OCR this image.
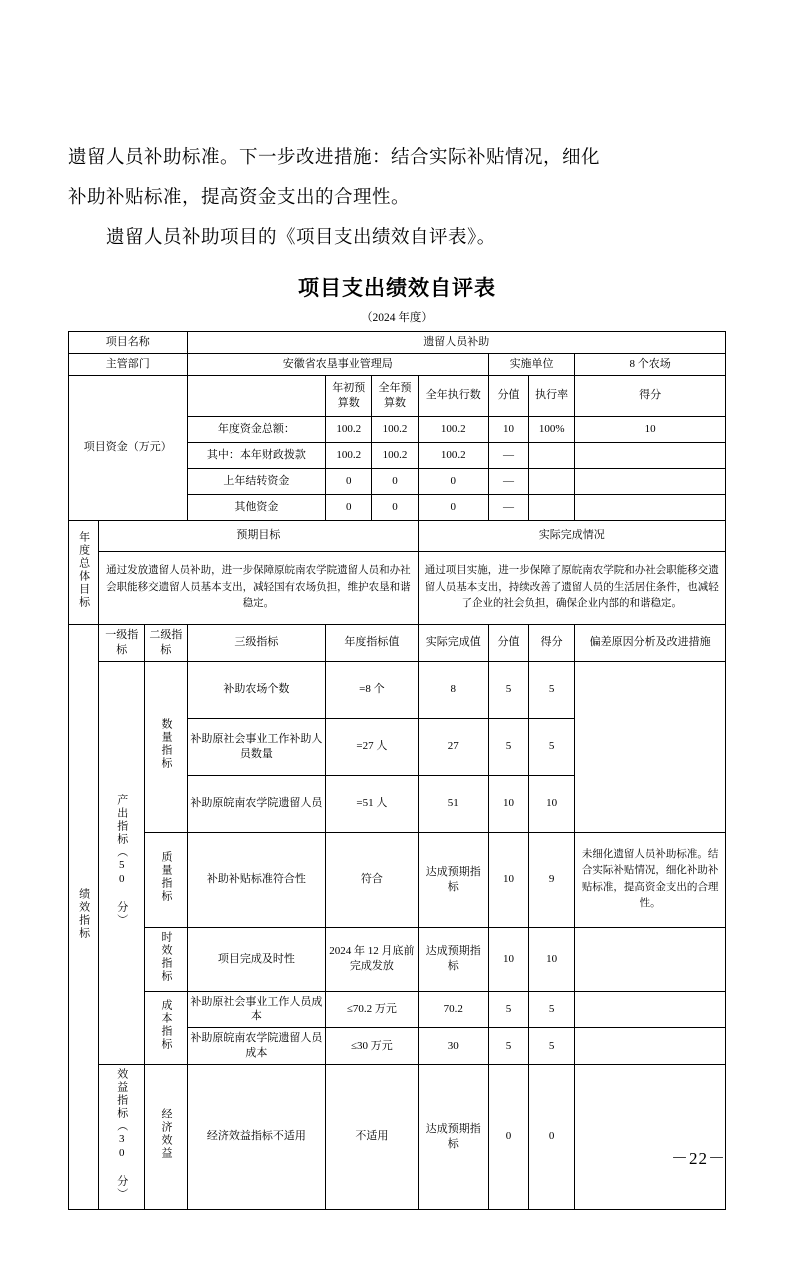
遗留人员补助标准。下一步改进措施：结合实际补贴情况，细化

补助补贴标准，提高资金支出的合理性。

遗留人员补助项目的《项目支出绩效自评表》。

项目支出绩效自评表
（2024 年度）
项目名称			遗留人员补助						
主管部门			安徽省农垦事业管理局				实施单位		8 个农场
项目资金（万元）				年初预算数	全年预算数	全年执行数	分值	执行率	得分
			年度资金总额：	100.2	100.2	100.2	10	100%	10
			其中：本年财政拨款	100.2	100.2	100.2	—		
			上年结转资金	0	0	0	—		
			其他资金	0	0	0	—		
年度总体目标	预期目标					实际完成情况			
	通过发放遗留人员补助，进一步保障原皖南农学院遗留人员和办社会职能移交遗留人员基本支出，减轻国有农场负担，维护农垦和谐稳定。					通过项目实施，进一步保障了原皖南农学院和办社会职能移交遗留人员基本支出，持续改善了遗留人员的生活居住条件，也减轻了企业的社会负担，确保企业内部的和谐稳定。			
绩效指标	一级指标	二级指标	三级指标	年度指标值		实际完成值	分值	得分	偏差原因分析及改进措施
	产出指标（50 分）	数量指标	补助农场个数	=8 个		8	5	5	
			补助原社会事业工作补助人员数量	=27 人		27	5	5	
			补助原皖南农学院遗留人员	=51 人		51	10	10	
		质量指标	补助补贴标准符合性	符合		达成预期指标	10	9	未细化遗留人员补助标准。结合实际补贴情况，细化补助补贴标准，提高资金支出的合理性。
		时效指标	项目完成及时性	2024 年 12 月底前完成发放		达成预期指标	10	10	
		成本指标	补助原社会事业工作人员成本	≤70.2 万元		70.2	5	5	
			补助原皖南农学院遗留人员成本	≤30 万元		30	5	5	
	效益指标（30 分）	经济效益	经济效益指标不适用	不适用		达成预期指标	0	0	
－22－
